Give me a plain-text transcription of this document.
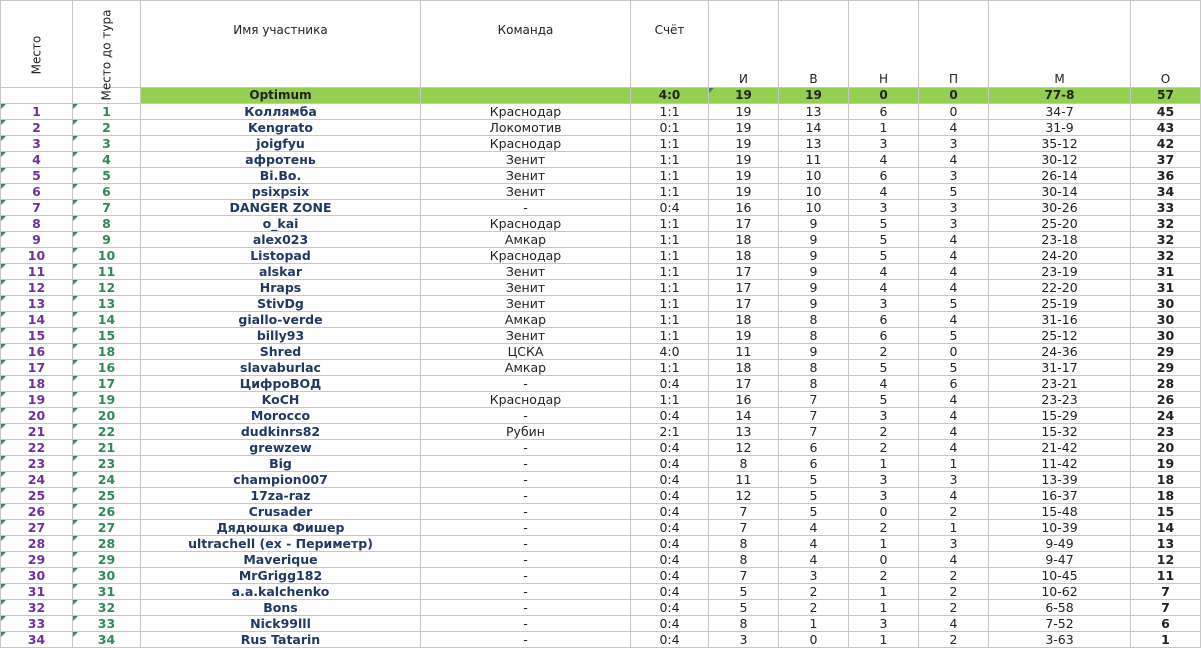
Место	Место до тура	Имя участника	Команда	Счёт	И	В	Н	П	М	О
		Optimum		4:0	19	19	0	0	77-8	57
1	1	Коллямба	Краснодар	1:1	19	13	6	0	34-7	45
2	2	Kengrato	Локомотив	0:1	19	14	1	4	31-9	43
3	3	joigfyu	Краснодар	1:1	19	13	3	3	35-12	42
4	4	афротень	Зенит	1:1	19	11	4	4	30-12	37
5	5	Bi.Bo.	Зенит	1:1	19	10	6	3	26-14	36
6	6	psixpsix	Зенит	1:1	19	10	4	5	30-14	34
7	7	DANGER ZONE	-	0:4	16	10	3	3	30-26	33
8	8	o_kai	Краснодар	1:1	17	9	5	3	25-20	32
9	9	alex023	Амкар	1:1	18	9	5	4	23-18	32
10	10	Listopad	Краснодар	1:1	18	9	5	4	24-20	32
11	11	alskar	Зенит	1:1	17	9	4	4	23-19	31
12	12	Hraps	Зенит	1:1	17	9	4	4	22-20	31
13	13	StivDg	Зенит	1:1	17	9	3	5	25-19	30
14	14	giallo-verde	Амкар	1:1	18	8	6	4	31-16	30
15	15	billy93	Зенит	1:1	19	8	6	5	25-12	30
16	18	Shred	ЦСКА	4:0	11	9	2	0	24-36	29
17	16	slavaburlac	Амкар	1:1	18	8	5	5	31-17	29
18	17	ЦифроВОД	-	0:4	17	8	4	6	23-21	28
19	19	KoCH	Краснодар	1:1	16	7	5	4	23-23	26
20	20	Morocco	-	0:4	14	7	3	4	15-29	24
21	22	dudkinrs82	Рубин	2:1	13	7	2	4	15-32	23
22	21	grewzew	-	0:4	12	6	2	4	21-42	20
23	23	Big	-	0:4	8	6	1	1	11-42	19
24	24	champion007	-	0:4	11	5	3	3	13-39	18
25	25	17za-raz	-	0:4	12	5	3	4	16-37	18
26	26	Crusader	-	0:4	7	5	0	2	15-48	15
27	27	Дядюшка Фишер	-	0:4	7	4	2	1	10-39	14
28	28	ultrachell (ex - Периметр)	-	0:4	8	4	1	3	9-49	13
29	29	Maverique	-	0:4	8	4	0	4	9-47	12
30	30	MrGrigg182	-	0:4	7	3	2	2	10-45	11
31	31	a.a.kalchenko	-	0:4	5	2	1	2	10-62	7
32	32	Bons	-	0:4	5	2	1	2	6-58	7
33	33	Nick99lll	-	0:4	8	1	3	4	7-52	6
34	34	Rus Tatarin	-	0:4	3	0	1	2	3-63	1
